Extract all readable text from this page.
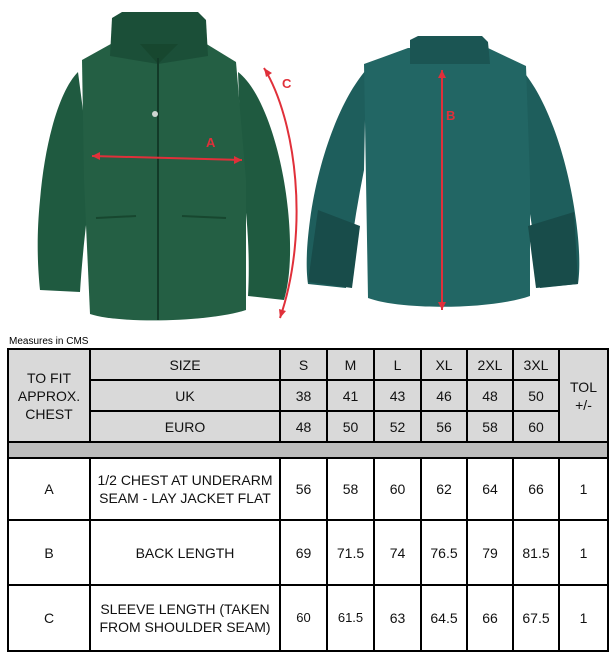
A
C
B
Measures in CMS
TO FIT APPROX. CHEST	SIZE	S	M	L	XL	2XL	3XL	TOL +/-
	UK	38	41	43	46	48	50	
	EURO	48	50	52	56	58	60	

A	1/2 CHEST AT UNDERARM SEAM - LAY JACKET FLAT	56	58	60	62	64	66	1
B	BACK LENGTH	69	71.5	74	76.5	79	81.5	1
C	SLEEVE LENGTH (TAKEN FROM SHOULDER SEAM)	60	61.5	63	64.5	66	67.5	1
